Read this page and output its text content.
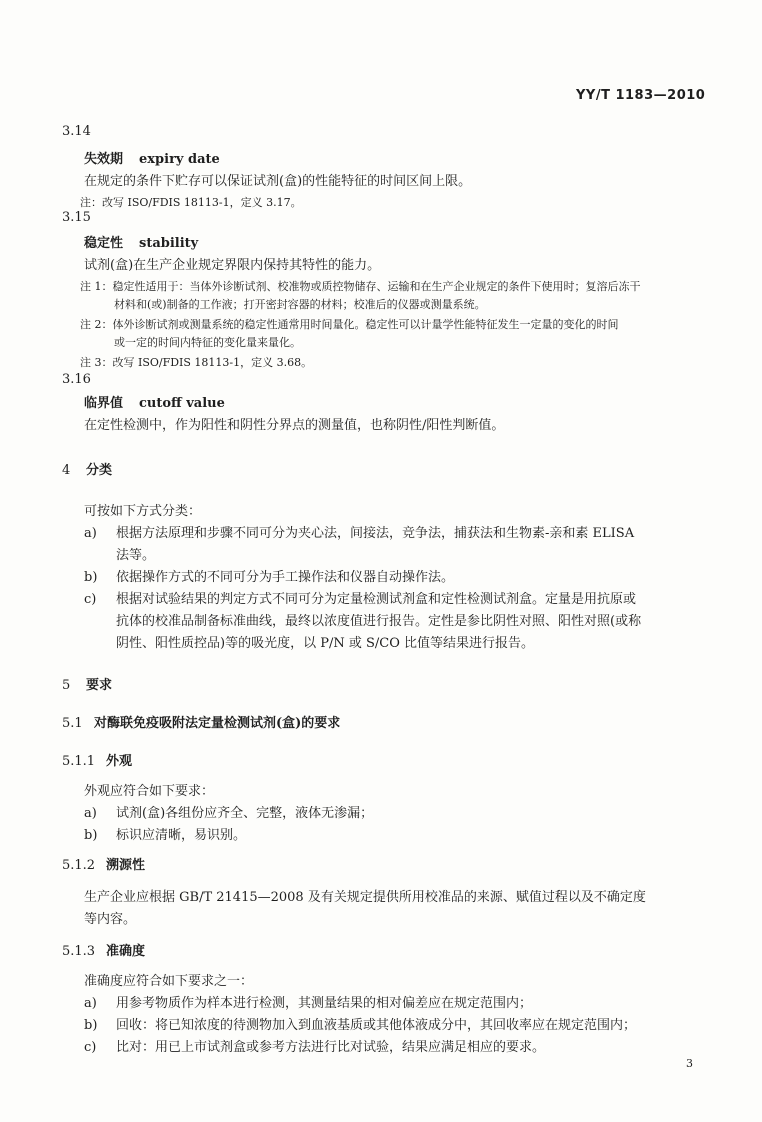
YY/T 1183—2010
3.14
失效期 expiry date
在规定的条件下贮存可以保证试剂(盒)的性能特征的时间区间上限。
注：改写 ISO/FDIS 18113-1，定义 3.17。
3.15
稳定性 stability
试剂(盒)在生产企业规定界限内保持其特性的能力。
注 1：稳定性适用于：当体外诊断试剂、校准物或质控物储存、运输和在生产企业规定的条件下使用时；复溶后冻干
材料和(或)制备的工作液；打开密封容器的材料；校准后的仪器或测量系统。
注 2：体外诊断试剂或测量系统的稳定性通常用时间量化。稳定性可以计量学性能特征发生一定量的变化的时间
或一定的时间内特征的变化量来量化。
注 3：改写 ISO/FDIS 18113-1，定义 3.68。
3.16
临界值 cutoff value
在定性检测中，作为阳性和阴性分界点的测量值，也称阴性/阳性判断值。
4 分类
可按如下方式分类：
a) 根据方法原理和步骤不同可分为夹心法，间接法，竞争法，捕获法和生物素-亲和素 ELISA
法等。
b) 依据操作方式的不同可分为手工操作法和仪器自动操作法。
c) 根据对试验结果的判定方式不同可分为定量检测试剂盒和定性检测试剂盒。定量是用抗原或
抗体的校准品制备标准曲线，最终以浓度值进行报告。定性是参比阴性对照、阳性对照(或称
阴性、阳性质控品)等的吸光度，以 P/N 或 S/CO 比值等结果进行报告。
5 要求
5.1 对酶联免疫吸附法定量检测试剂(盒)的要求
5.1.1 外观
外观应符合如下要求：
a) 试剂(盒)各组份应齐全、完整，液体无渗漏；
b) 标识应清晰，易识别。
5.1.2 溯源性
生产企业应根据 GB/T 21415—2008 及有关规定提供所用校准品的来源、赋值过程以及不确定度
等内容。
5.1.3 准确度
准确度应符合如下要求之一：
a) 用参考物质作为样本进行检测，其测量结果的相对偏差应在规定范围内；
b) 回收：将已知浓度的待测物加入到血液基质或其他体液成分中，其回收率应在规定范围内；
c) 比对：用已上市试剂盒或参考方法进行比对试验，结果应满足相应的要求。
3
